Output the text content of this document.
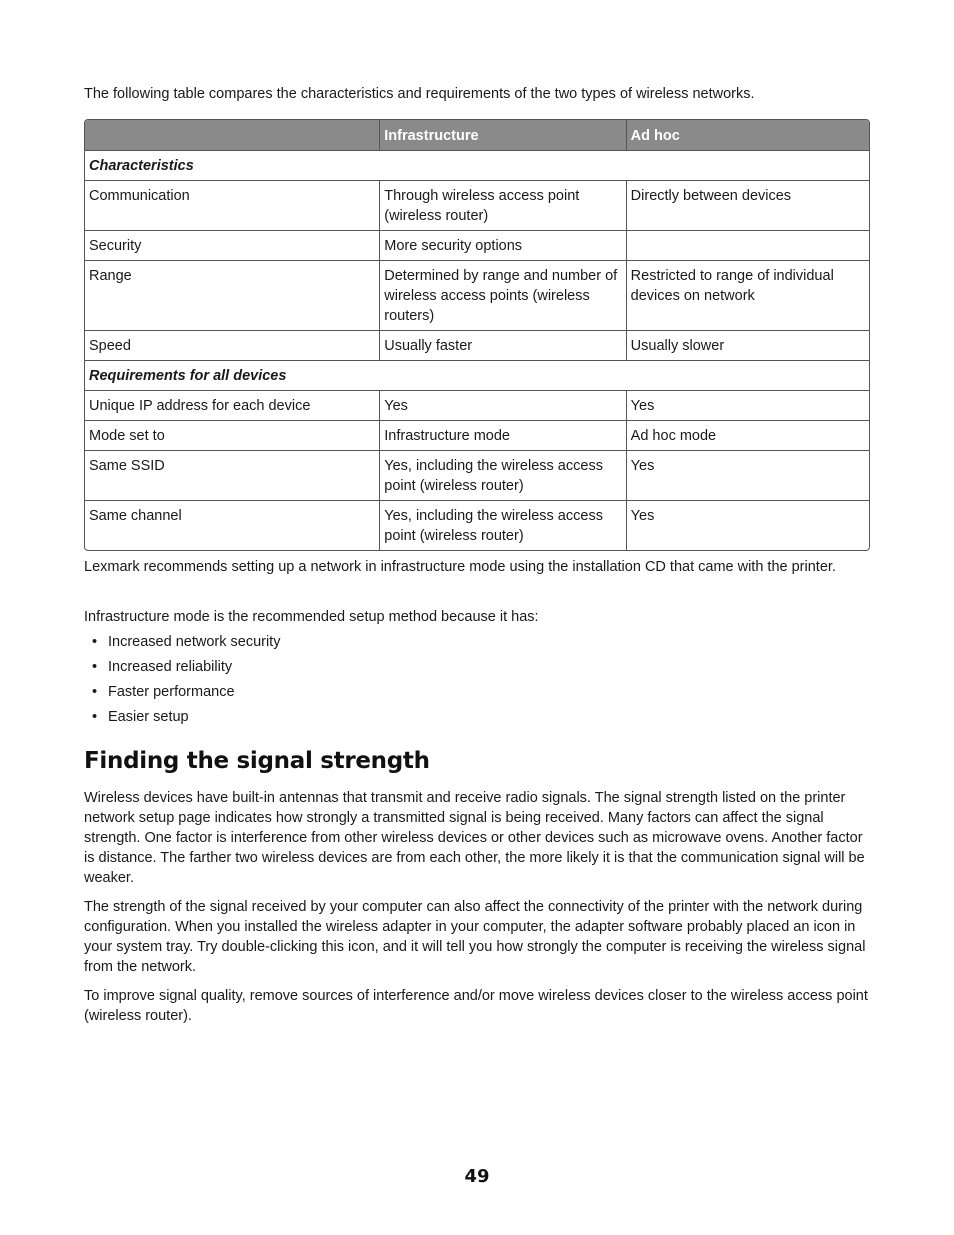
The following table compares the characteristics and requirements of the two types of wireless networks.

	Infrastructure	Ad hoc
Characteristics		
Communication	Through wireless access point (wireless router)	Directly between devices
Security	More security options	
Range	Determined by range and number of wireless access points (wireless routers)	Restricted to range of individual devices on network
Speed	Usually faster	Usually slower
Requirements for all devices		
Unique IP address for each device	Yes	Yes
Mode set to	Infrastructure mode	Ad hoc mode
Same SSID	Yes, including the wireless access point (wireless router)	Yes
Same channel	Yes, including the wireless access point (wireless router)	Yes

Lexmark recommends setting up a network in infrastructure mode using the installation CD that came with the printer.

Infrastructure mode is the recommended setup method because it has:

• Increased network security
• Increased reliability
• Faster performance
• Easier setup
Finding the signal strength

Wireless devices have built-in antennas that transmit and receive radio signals. The signal strength listed on the printer network setup page indicates how strongly a transmitted signal is being received. Many factors can affect the signal strength. One factor is interference from other wireless devices or other devices such as microwave ovens. Another factor is distance. The farther two wireless devices are from each other, the more likely it is that the communication signal will be weaker.

The strength of the signal received by your computer can also affect the connectivity of the printer with the network during configuration. When you installed the wireless adapter in your computer, the adapter software probably placed an icon in your system tray. Try double-clicking this icon, and it will tell you how strongly the computer is receiving the wireless signal from the network.

To improve signal quality, remove sources of interference and/or move wireless devices closer to the wireless access point (wireless router).

49
